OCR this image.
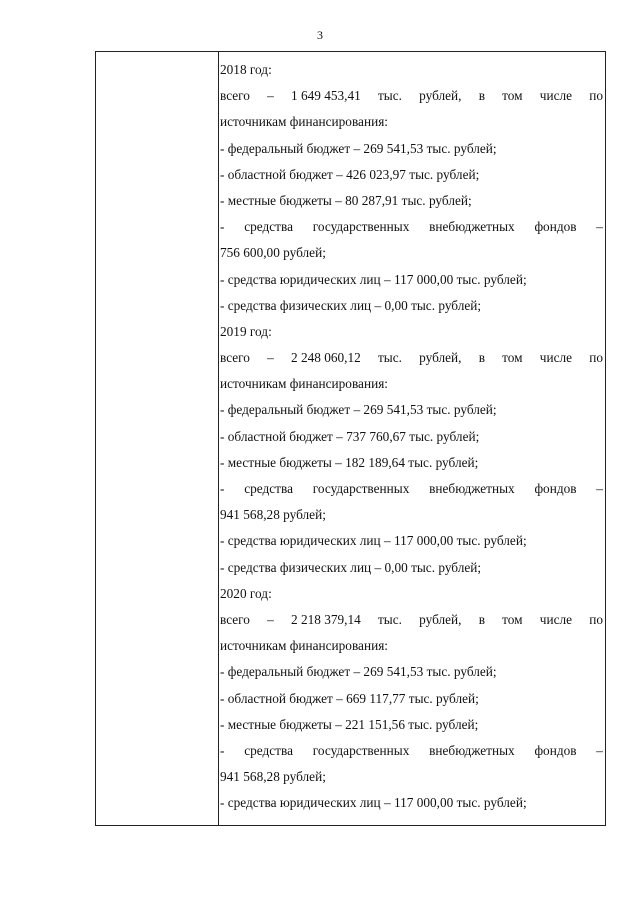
3
2018 год:
всего – 1 649 453,41 тыс. рублей, в том числе по
источникам финансирования:
- федеральный бюджет – 269 541,53 тыс. рублей;
- областной бюджет – 426 023,97 тыс. рублей;
- местные бюджеты – 80 287,91 тыс. рублей;
- средства государственных внебюджетных фондов –
756 600,00 рублей;
- средства юридических лиц – 117 000,00 тыс. рублей;
- средства физических лиц – 0,00 тыс. рублей;
2019 год:
всего – 2 248 060,12 тыс. рублей, в том числе по
источникам финансирования:
- федеральный бюджет – 269 541,53 тыс. рублей;
- областной бюджет – 737 760,67 тыс. рублей;
- местные бюджеты – 182 189,64 тыс. рублей;
- средства государственных внебюджетных фондов –
941 568,28 рублей;
- средства юридических лиц – 117 000,00 тыс. рублей;
- средства физических лиц – 0,00 тыс. рублей;
2020 год:
всего – 2 218 379,14 тыс. рублей, в том числе по
источникам финансирования:
- федеральный бюджет – 269 541,53 тыс. рублей;
- областной бюджет – 669 117,77 тыс. рублей;
- местные бюджеты – 221 151,56 тыс. рублей;
- средства государственных внебюджетных фондов –
941 568,28 рублей;
- средства юридических лиц – 117 000,00 тыс. рублей;
